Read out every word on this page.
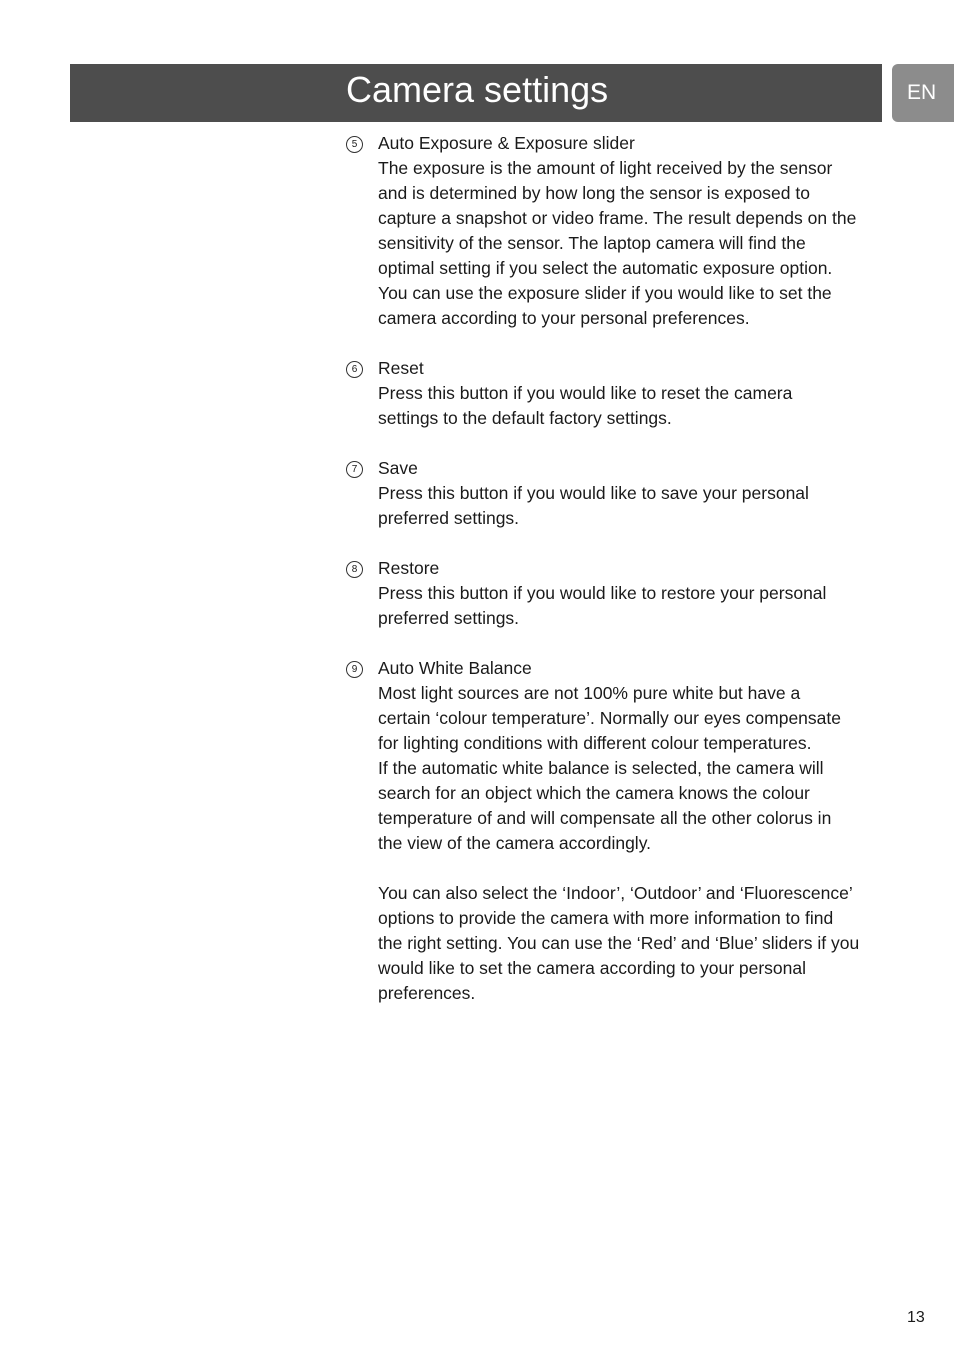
Camera settings	EN
5	Auto Exposure & Exposure slider
The exposure is the amount of light received by the sensor
and is determined by how long the sensor is exposed to
capture a snapshot or video frame. The result depends on the
sensitivity of the sensor. The laptop camera will find the
optimal setting if you select the automatic exposure option.
You can use the exposure slider if you would like to set the
camera according to your personal preferences.
6	Reset
Press this button if you would like to reset the camera
settings to the default factory settings.
7	Save
Press this button if you would like to save your personal
preferred settings.
8	Restore
Press this button if you would like to restore your personal
preferred settings.
9	Auto White Balance
Most light sources are not 100% pure white but have a
certain ‘colour temperature’. Normally our eyes compensate
for lighting conditions with different colour temperatures.
If the automatic white balance is selected, the camera will
search for an object which the camera knows the colour
temperature of and will compensate all the other colorus in
the view of the camera accordingly.
You can also select the ‘Indoor’, ‘Outdoor’ and ‘Fluorescence’
options to provide the camera with more information to find
the right setting. You can use the ‘Red’ and ‘Blue’ sliders if you
would like to set the camera according to your personal
preferences.
13
